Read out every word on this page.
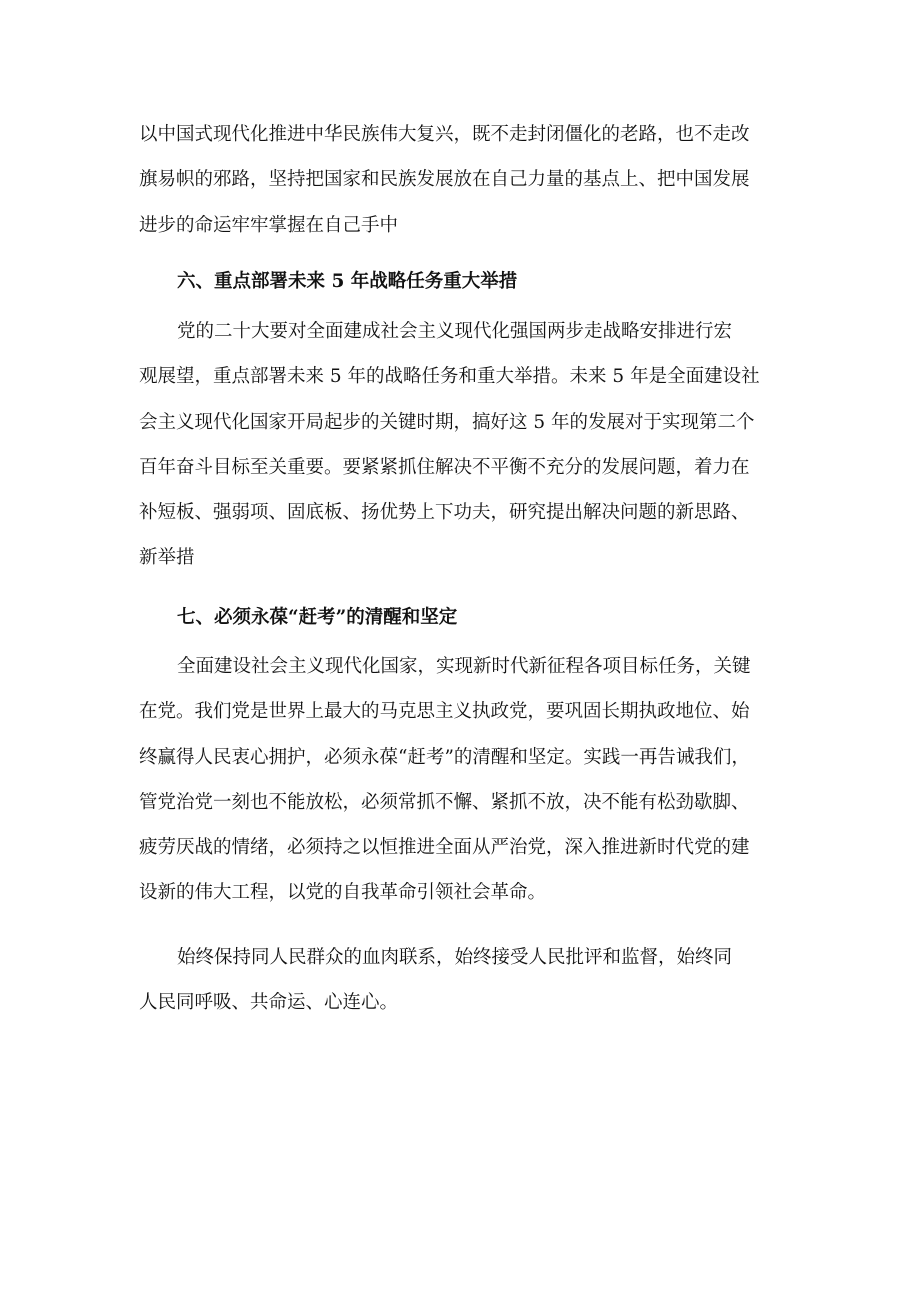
以中国式现代化推进中华民族伟大复兴，既不走封闭僵化的老路，也不走改
旗易帜的邪路，坚持把国家和民族发展放在自己力量的基点上、把中国发展
进步的命运牢牢掌握在自己手中
六、重点部署未来 5 年战略任务重大举措
党的二十大要对全面建成社会主义现代化强国两步走战略安排进行宏
观展望，重点部署未来 5 年的战略任务和重大举措。未来 5 年是全面建设社
会主义现代化国家开局起步的关键时期，搞好这 5 年的发展对于实现第二个
百年奋斗目标至关重要。要紧紧抓住解决不平衡不充分的发展问题，着力在
补短板、强弱项、固底板、扬优势上下功夫，研究提出解决问题的新思路、
新举措
七、必须永葆“赶考”的清醒和坚定
全面建设社会主义现代化国家，实现新时代新征程各项目标任务，关键
在党。我们党是世界上最大的马克思主义执政党，要巩固长期执政地位、始
终赢得人民衷心拥护，必须永葆“赶考”的清醒和坚定。实践一再告诫我们，
管党治党一刻也不能放松，必须常抓不懈、紧抓不放，决不能有松劲歇脚、
疲劳厌战的情绪，必须持之以恒推进全面从严治党，深入推进新时代党的建
设新的伟大工程，以党的自我革命引领社会革命。
始终保持同人民群众的血肉联系，始终接受人民批评和监督，始终同
人民同呼吸、共命运、心连心。
